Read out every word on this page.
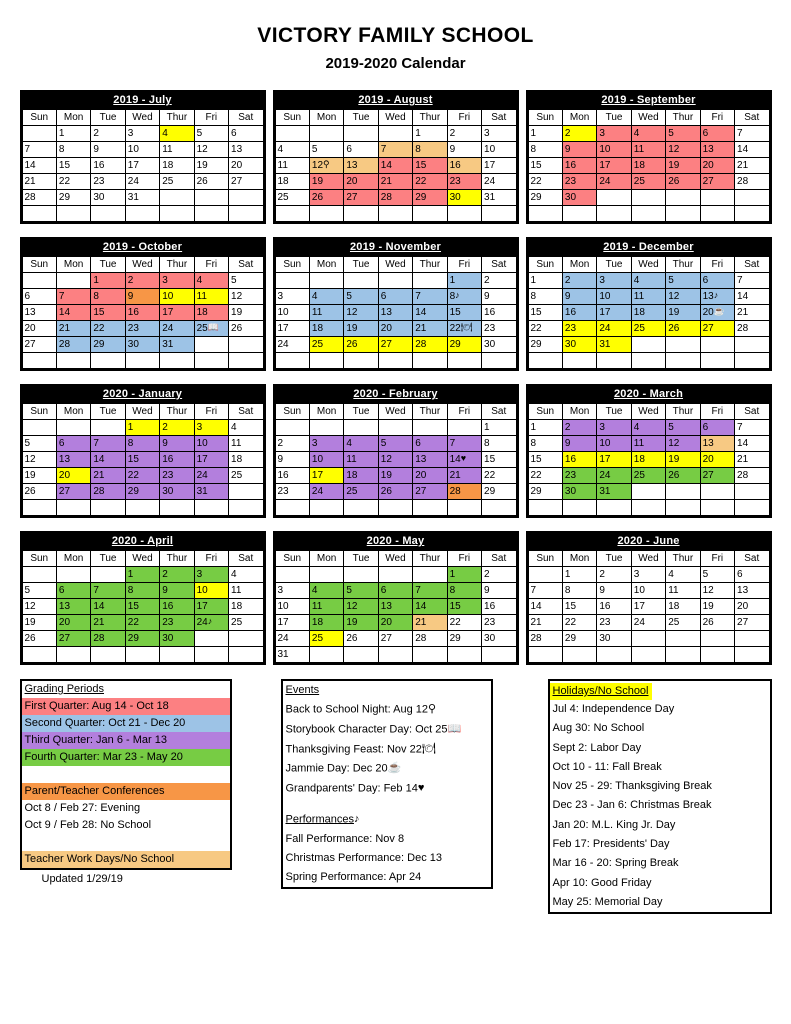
VICTORY FAMILY SCHOOL
2019-2020 Calendar
2019 - July
Sun	Mon	Tue	Wed	Thur	Fri	Sat
	1	2	3	4	5	6
7	8	9	10	11	12	13
14	15	16	17	18	19	20
21	22	23	24	25	26	27
28	29	30	31			

2019 - August
Sun	Mon	Tue	Wed	Thur	Fri	Sat
				1	2	3
4	5	6	7	8	9	10
11	12⚲	13	14	15	16	17
18	19	20	21	22	23	24
25	26	27	28	29	30	31

2019 - September
Sun	Mon	Tue	Wed	Thur	Fri	Sat
1	2	3	4	5	6	7
8	9	10	11	12	13	14
15	16	17	18	19	20	21
22	23	24	25	26	27	28
29	30					

2019 - October
Sun	Mon	Tue	Wed	Thur	Fri	Sat
		1	2	3	4	5
6	7	8	9	10	11	12
13	14	15	16	17	18	19
20	21	22	23	24	25📖	26
27	28	29	30	31		

2019 - November
Sun	Mon	Tue	Wed	Thur	Fri	Sat
					1	2
3	4	5	6	7	8♪	9
10	11	12	13	14	15	16
17	18	19	20	21	22🍽	23
24	25	26	27	28	29	30

2019 - December
Sun	Mon	Tue	Wed	Thur	Fri	Sat
1	2	3	4	5	6	7
8	9	10	11	12	13♪	14
15	16	17	18	19	20☕	21
22	23	24	25	26	27	28
29	30	31				

2020 - January
Sun	Mon	Tue	Wed	Thur	Fri	Sat
			1	2	3	4
5	6	7	8	9	10	11
12	13	14	15	16	17	18
19	20	21	22	23	24	25
26	27	28	29	30	31	

2020 - February
Sun	Mon	Tue	Wed	Thur	Fri	Sat
						1
2	3	4	5	6	7	8
9	10	11	12	13	14♥	15
16	17	18	19	20	21	22
23	24	25	26	27	28	29

2020 - March
Sun	Mon	Tue	Wed	Thur	Fri	Sat
1	2	3	4	5	6	7
8	9	10	11	12	13	14
15	16	17	18	19	20	21
22	23	24	25	26	27	28
29	30	31				

2020 - April
Sun	Mon	Tue	Wed	Thur	Fri	Sat
			1	2	3	4
5	6	7	8	9	10	11
12	13	14	15	16	17	18
19	20	21	22	23	24♪	25
26	27	28	29	30		

2020 - May
Sun	Mon	Tue	Wed	Thur	Fri	Sat
					1	2
3	4	5	6	7	8	9
10	11	12	13	14	15	16
17	18	19	20	21	22	23
24	25	26	27	28	29	30
31						
2020 - June
Sun	Mon	Tue	Wed	Thur	Fri	Sat
	1	2	3	4	5	6
7	8	9	10	11	12	13
14	15	16	17	18	19	20
21	22	23	24	25	26	27
28	29	30				

Grading Periods
First Quarter: Aug 14 - Oct 18
Second Quarter: Oct 21 - Dec 20
Third Quarter: Jan 6 - Mar 13
Fourth Quarter: Mar 23 - May 20

Parent/Teacher Conferences
Oct 8 / Feb 27: Evening
Oct 9 / Feb 28: No School

Teacher Work Days/No School
Updated 1/29/19
Events
Back to School Night: Aug 12⚲
Storybook Character Day: Oct 25📖
Thanksgiving Feast: Nov 22🍽
Jammie Day: Dec 20☕
Grandparents' Day: Feb 14♥
Performances♪
Fall Performance: Nov 8
Christmas Performance: Dec 13
Spring Performance: Apr 24
Holidays/No School
Jul 4: Independence Day
Aug 30: No School
Sept 2: Labor Day
Oct 10 - 11: Fall Break
Nov 25 - 29: Thanksgiving Break
Dec 23 - Jan 6: Christmas Break
Jan 20: M.L. King Jr. Day
Feb 17: Presidents' Day
Mar 16 - 20: Spring Break
Apr 10: Good Friday
May 25: Memorial Day
